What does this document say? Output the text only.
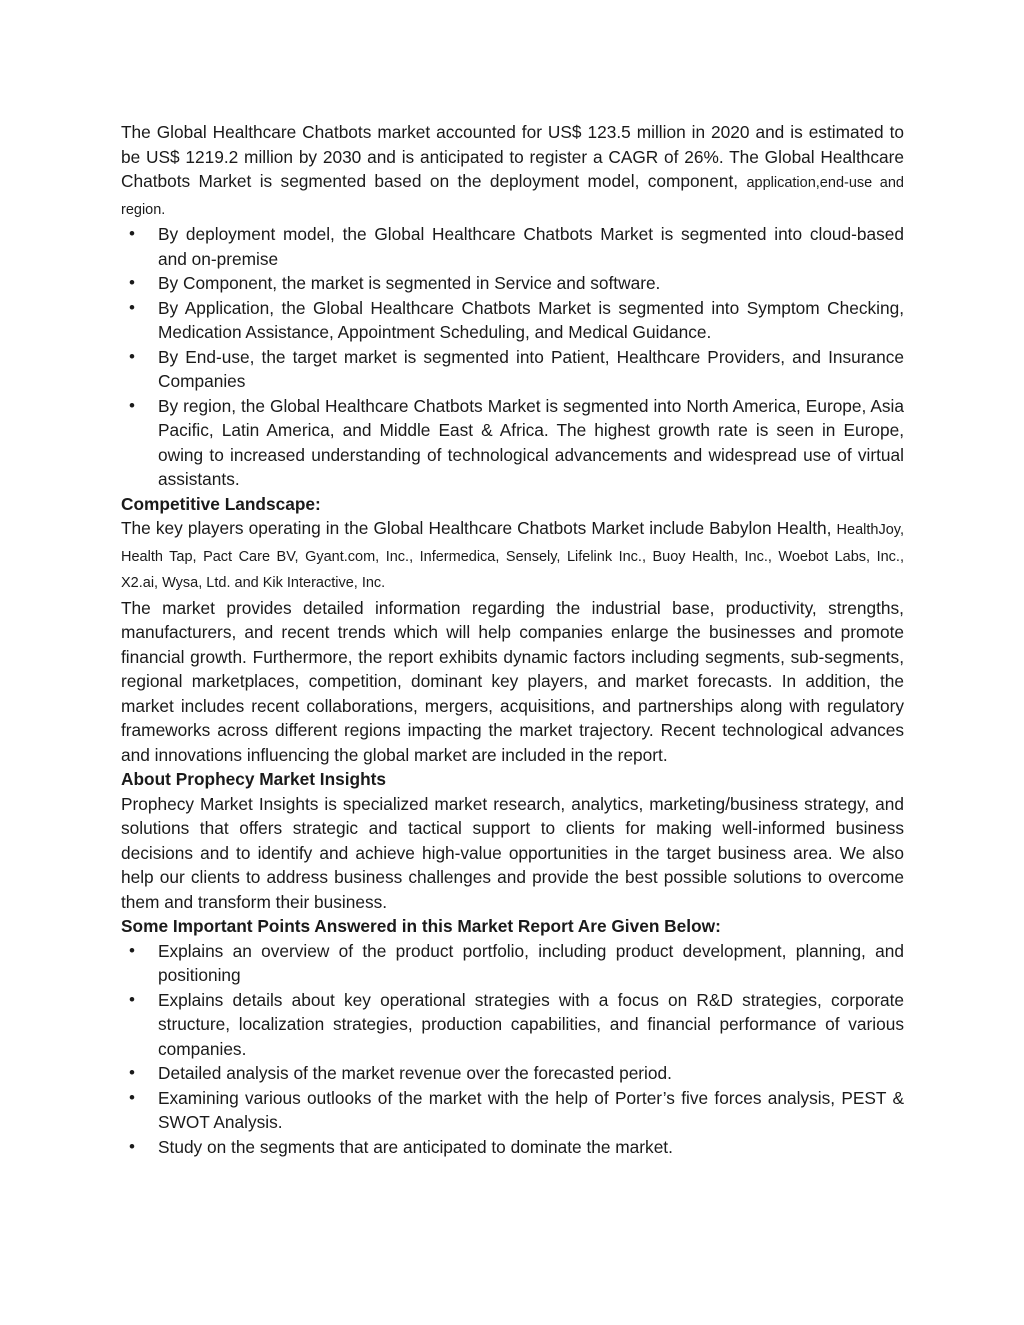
The Global Healthcare Chatbots market accounted for US$ 123.5 million in 2020 and is estimated to be US$ 1219.2 million by 2030 and is anticipated to register a CAGR of 26%. The Global Healthcare Chatbots Market is segmented based on the deployment model, component, application,end-use and region.

• By deployment model, the Global Healthcare Chatbots Market is segmented into cloud-based and on-premise
• By Component, the market is segmented in Service and software.
• By Application, the Global Healthcare Chatbots Market is segmented into Symptom Checking, Medication Assistance, Appointment Scheduling, and Medical Guidance.
• By End-use, the target market is segmented into Patient, Healthcare Providers, and Insurance Companies
• By region, the Global Healthcare Chatbots Market is segmented into North America, Europe, Asia Pacific, Latin America, and Middle East & Africa. The highest growth rate is seen in Europe, owing to increased understanding of technological advancements and widespread use of virtual assistants.
Competitive Landscape:

The key players operating in the Global Healthcare Chatbots Market include Babylon Health, HealthJoy, Health Tap, Pact Care BV, Gyant.com, Inc., Infermedica, Sensely, Lifelink Inc., Buoy Health, Inc., Woebot Labs, Inc., X2.ai, Wysa, Ltd. and Kik Interactive, Inc.

The market provides detailed information regarding the industrial base, productivity, strengths, manufacturers, and recent trends which will help companies enlarge the businesses and promote financial growth. Furthermore, the report exhibits dynamic factors including segments, sub-segments, regional marketplaces, competition, dominant key players, and market forecasts. In addition, the market includes recent collaborations, mergers, acquisitions, and partnerships along with regulatory frameworks across different regions impacting the market trajectory. Recent technological advances and innovations influencing the global market are included in the report.

About Prophecy Market Insights

Prophecy Market Insights is specialized market research, analytics, marketing/business strategy, and solutions that offers strategic and tactical support to clients for making well-informed business decisions and to identify and achieve high-value opportunities in the target business area. We also help our clients to address business challenges and provide the best possible solutions to overcome them and transform their business.

Some Important Points Answered in this Market Report Are Given Below:
• Explains an overview of the product portfolio, including product development, planning, and positioning
• Explains details about key operational strategies with a focus on R&D strategies, corporate structure, localization strategies, production capabilities, and financial performance of various companies.
• Detailed analysis of the market revenue over the forecasted period.
• Examining various outlooks of the market with the help of Porter’s five forces analysis, PEST & SWOT Analysis.
• Study on the segments that are anticipated to dominate the market.
